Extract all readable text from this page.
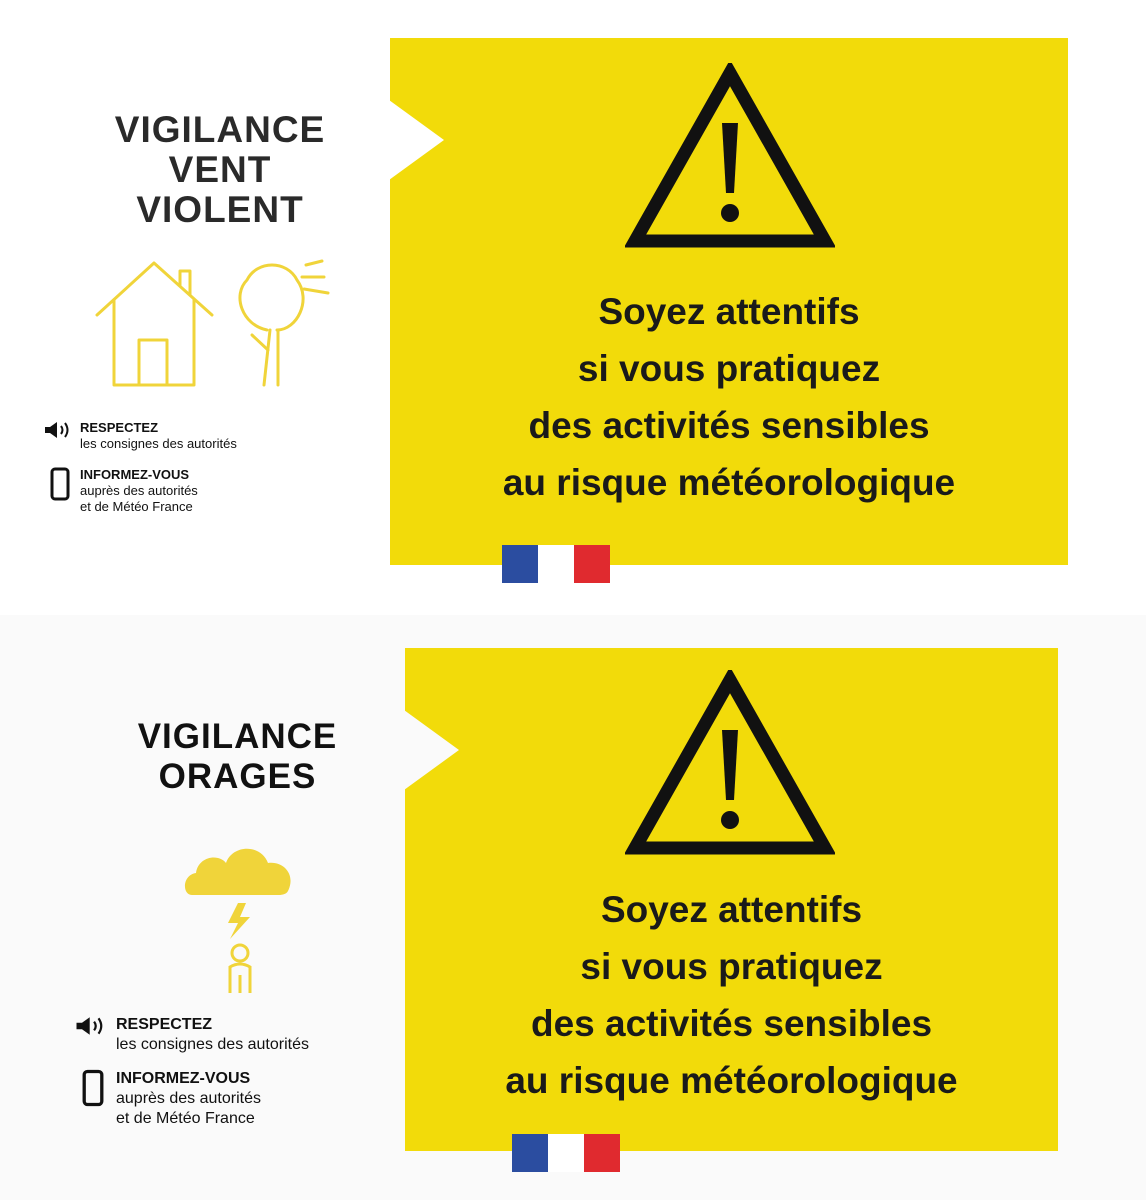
VIGILANCE
VENT
VIOLENT
RESPECTEZ
les consignes des autorités
INFORMEZ-VOUS
auprès des autorités
et de Météo France
Soyez attentifs
si vous pratiquez
des activités sensibles
au risque météorologique
VIGILANCE
ORAGES
RESPECTEZ
les consignes des autorités
INFORMEZ-VOUS
auprès des autorités
et de Météo France
Soyez attentifs
si vous pratiquez
des activités sensibles
au risque météorologique
